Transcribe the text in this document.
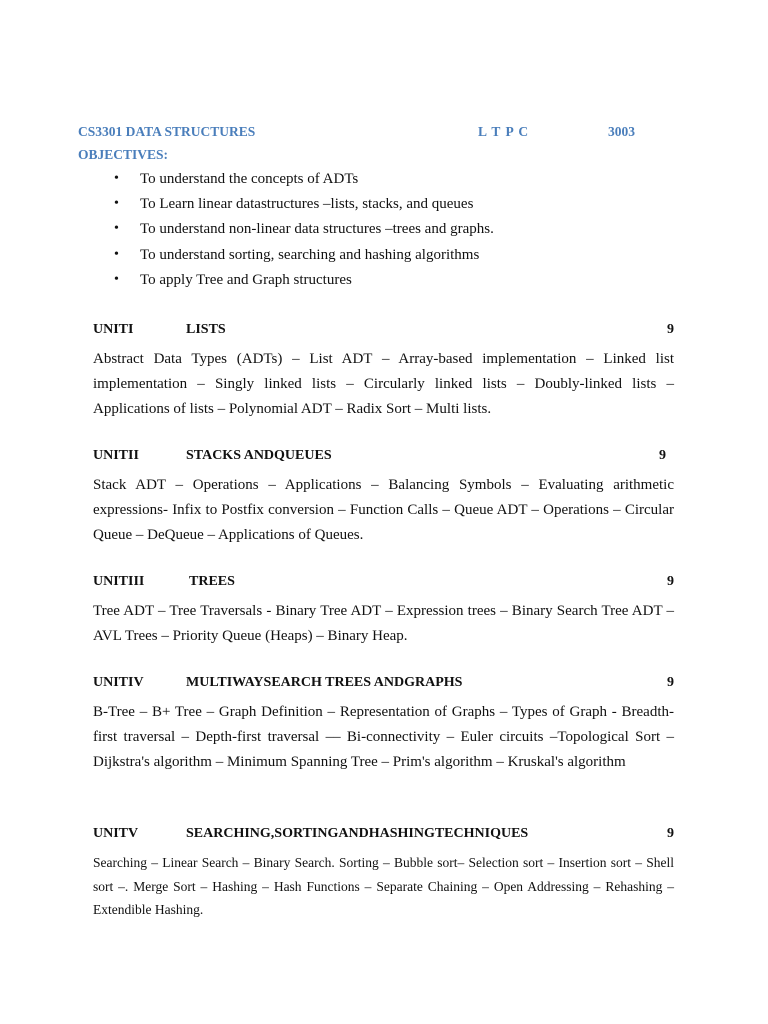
CS3301 DATA STRUCTURES	L T P C	3003
OBJECTIVES:
• To understand the concepts of ADTs
• To Learn linear datastructures –lists, stacks, and queues
• To understand non-linear data structures –trees and graphs.
• To understand sorting, searching and hashing algorithms
• To apply Tree and Graph structures
UNITI	LISTS	9
Abstract Data Types (ADTs) – List ADT – Array-based implementation – Linked list implementation – Singly linked lists – Circularly linked lists – Doubly-linked lists – Applications of lists – Polynomial ADT – Radix Sort – Multi lists.
UNITII	STACKS ANDQUEUES	9
Stack ADT – Operations – Applications – Balancing Symbols – Evaluating arithmetic expressions- Infix to Postfix conversion – Function Calls – Queue ADT – Operations – Circular Queue – DeQueue – Applications of Queues.
UNITIII	TREES	9
Tree ADT – Tree Traversals - Binary Tree ADT – Expression trees – Binary Search Tree ADT – AVL Trees – Priority Queue (Heaps) – Binary Heap.
UNITIV	MULTIWAYSEARCH TREES ANDGRAPHS	9
B-Tree – B+ Tree – Graph Definition – Representation of Graphs – Types of Graph - Breadth-first traversal – Depth-first traversal –– Bi-connectivity – Euler circuits –Topological Sort – Dijkstra's algorithm – Minimum Spanning Tree – Prim's algorithm – Kruskal's algorithm
UNITV	SEARCHING,SORTINGANDHASHINGTECHNIQUES	9
Searching – Linear Search – Binary Search. Sorting – Bubble sort– Selection sort – Insertion sort – Shell sort –. Merge Sort – Hashing – Hash Functions – Separate Chaining – Open Addressing – Rehashing – Extendible Hashing.
